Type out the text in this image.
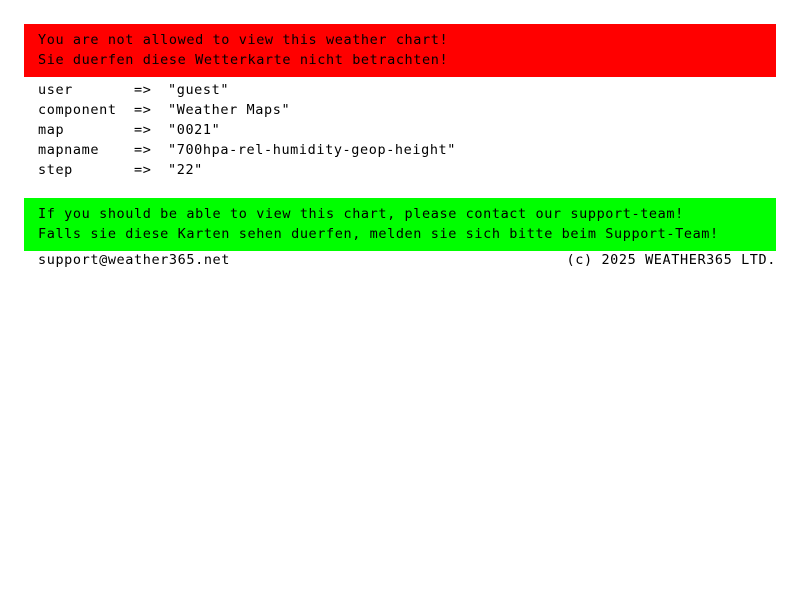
You are not allowed to view this weather chart!
Sie duerfen diese Wetterkarte nicht betrachten!
user	=>	"guest"
component	=>	"Weather Maps"
map	=>	"0021"
mapname	=>	"700hpa-rel-humidity-geop-height"
step	=>	"22"
If you should be able to view this chart, please contact our support-team!
Falls sie diese Karten sehen duerfen, melden sie sich bitte beim Support-Team!
support@weather365.net	(c) 2025 WEATHER365 LTD.
